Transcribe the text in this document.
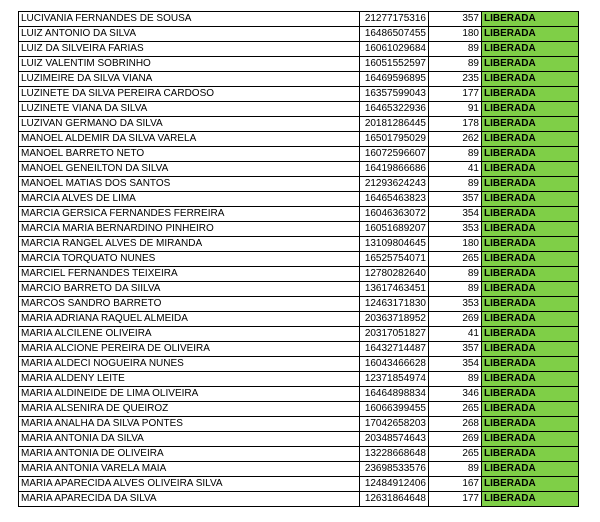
LUCIVANIA FERNANDES DE SOUSA	21277175316	357	LIBERADA
LUIZ ANTONIO DA SILVA	16486507455	180	LIBERADA
LUIZ DA SILVEIRA FARIAS	16061029684	89	LIBERADA
LUIZ VALENTIM SOBRINHO	16051552597	89	LIBERADA
LUZIMEIRE DA SILVA VIANA	16469596895	235	LIBERADA
LUZINETE DA SILVA PEREIRA CARDOSO	16357599043	177	LIBERADA
LUZINETE VIANA DA SILVA	16465322936	91	LIBERADA
LUZIVAN GERMANO DA SILVA	20181286445	178	LIBERADA
MANOEL ALDEMIR DA SILVA VARELA	16501795029	262	LIBERADA
MANOEL BARRETO NETO	16072596607	89	LIBERADA
MANOEL GENEILTON DA SILVA	16419866686	41	LIBERADA
MANOEL MATIAS DOS SANTOS	21293624243	89	LIBERADA
MARCIA ALVES DE LIMA	16465463823	357	LIBERADA
MARCIA GERSICA FERNANDES FERREIRA	16046363072	354	LIBERADA
MARCIA MARIA BERNARDINO PINHEIRO	16051689207	353	LIBERADA
MARCIA RANGEL ALVES DE MIRANDA	13109804645	180	LIBERADA
MARCIA TORQUATO NUNES	16525754071	265	LIBERADA
MARCIEL FERNANDES TEIXEIRA	12780282640	89	LIBERADA
MARCIO BARRETO DA SIILVA	13617463451	89	LIBERADA
MARCOS SANDRO BARRETO	12463171830	353	LIBERADA
MARIA ADRIANA RAQUEL ALMEIDA	20363718952	269	LIBERADA
MARIA ALCILENE OLIVEIRA	20317051827	41	LIBERADA
MARIA ALCIONE PEREIRA DE OLIVEIRA	16432714487	357	LIBERADA
MARIA ALDECI NOGUEIRA NUNES	16043466628	354	LIBERADA
MARIA ALDENY LEITE	12371854974	89	LIBERADA
MARIA ALDINEIDE DE LIMA OLIVEIRA	16464898834	346	LIBERADA
MARIA ALSENIRA DE QUEIROZ	16066399455	265	LIBERADA
MARIA ANALHA DA SILVA PONTES	17042658203	268	LIBERADA
MARIA ANTONIA DA SILVA	20348574643	269	LIBERADA
MARIA ANTONIA DE OLIVEIRA	13228668648	265	LIBERADA
MARIA ANTONIA VARELA MAIA	23698533576	89	LIBERADA
MARIA APARECIDA ALVES OLIVEIRA SILVA	12484912406	167	LIBERADA
MARIA APARECIDA DA SILVA	12631864648	177	LIBERADA
